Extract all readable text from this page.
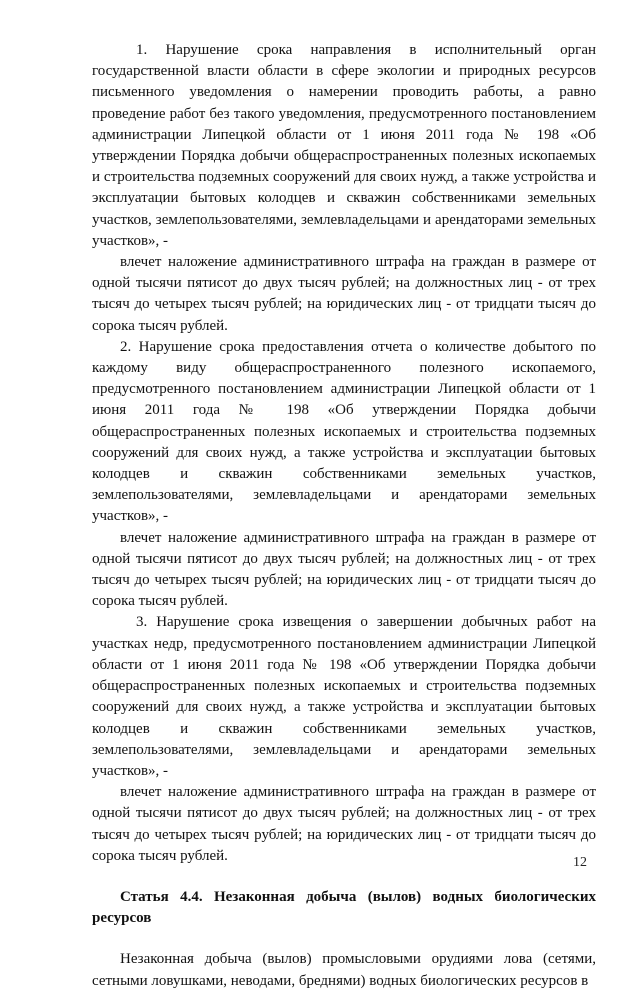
1. Нарушение срока направления в исполнительный орган государственной власти области в сфере экологии и природных ресурсов письменного уведомления о намерении проводить работы, а равно проведение работ без такого уведомления, предусмотренного постановлением администрации Липецкой области от 1 июня 2011 года № 198 «Об утверждении Порядка добычи общераспространенных полезных ископаемых и строительства подземных сооружений для своих нужд, а также устройства и эксплуатации бытовых колодцев и скважин собственниками земельных участков, землепользователями, землевладельцами и арендаторами земельных участков», -

влечет наложение административного штрафа на граждан в размере от одной тысячи пятисот до двух тысяч рублей; на должностных лиц - от трех тысяч до четырех тысяч рублей; на юридических лиц - от тридцати тысяч до сорока тысяч рублей.

2. Нарушение срока предоставления отчета о количестве добытого по каждому виду общераспространенного полезного ископаемого, предусмотренного постановлением администрации Липецкой области от 1 июня 2011 года № 198 «Об утверждении Порядка добычи общераспространенных полезных ископаемых и строительства подземных сооружений для своих нужд, а также устройства и эксплуатации бытовых колодцев и скважин собственниками земельных участков, землепользователями, землевладельцами и арендаторами земельных участков», -

влечет наложение административного штрафа на граждан в размере от одной тысячи пятисот до двух тысяч рублей; на должностных лиц - от трех тысяч до четырех тысяч рублей; на юридических лиц - от тридцати тысяч до сорока тысяч рублей.

3. Нарушение срока извещения о завершении добычных работ на участках недр, предусмотренного постановлением администрации Липецкой области от 1 июня 2011 года № 198 «Об утверждении Порядка добычи общераспространенных полезных ископаемых и строительства подземных сооружений для своих нужд, а также устройства и эксплуатации бытовых колодцев и скважин собственниками земельных участков, землепользователями, землевладельцами и арендаторами земельных участков», -

влечет наложение административного штрафа на граждан в размере от одной тысячи пятисот до двух тысяч рублей; на должностных лиц - от трех тысяч до четырех тысяч рублей; на юридических лиц - от тридцати тысяч до сорока тысяч рублей.

Статья 4.4. Незаконная добыча (вылов) водных биологических ресурсов

Незаконная добыча (вылов) промысловыми орудиями лова (сетями, сетными ловушками, неводами, бреднями) водных биологических ресурсов в

12
